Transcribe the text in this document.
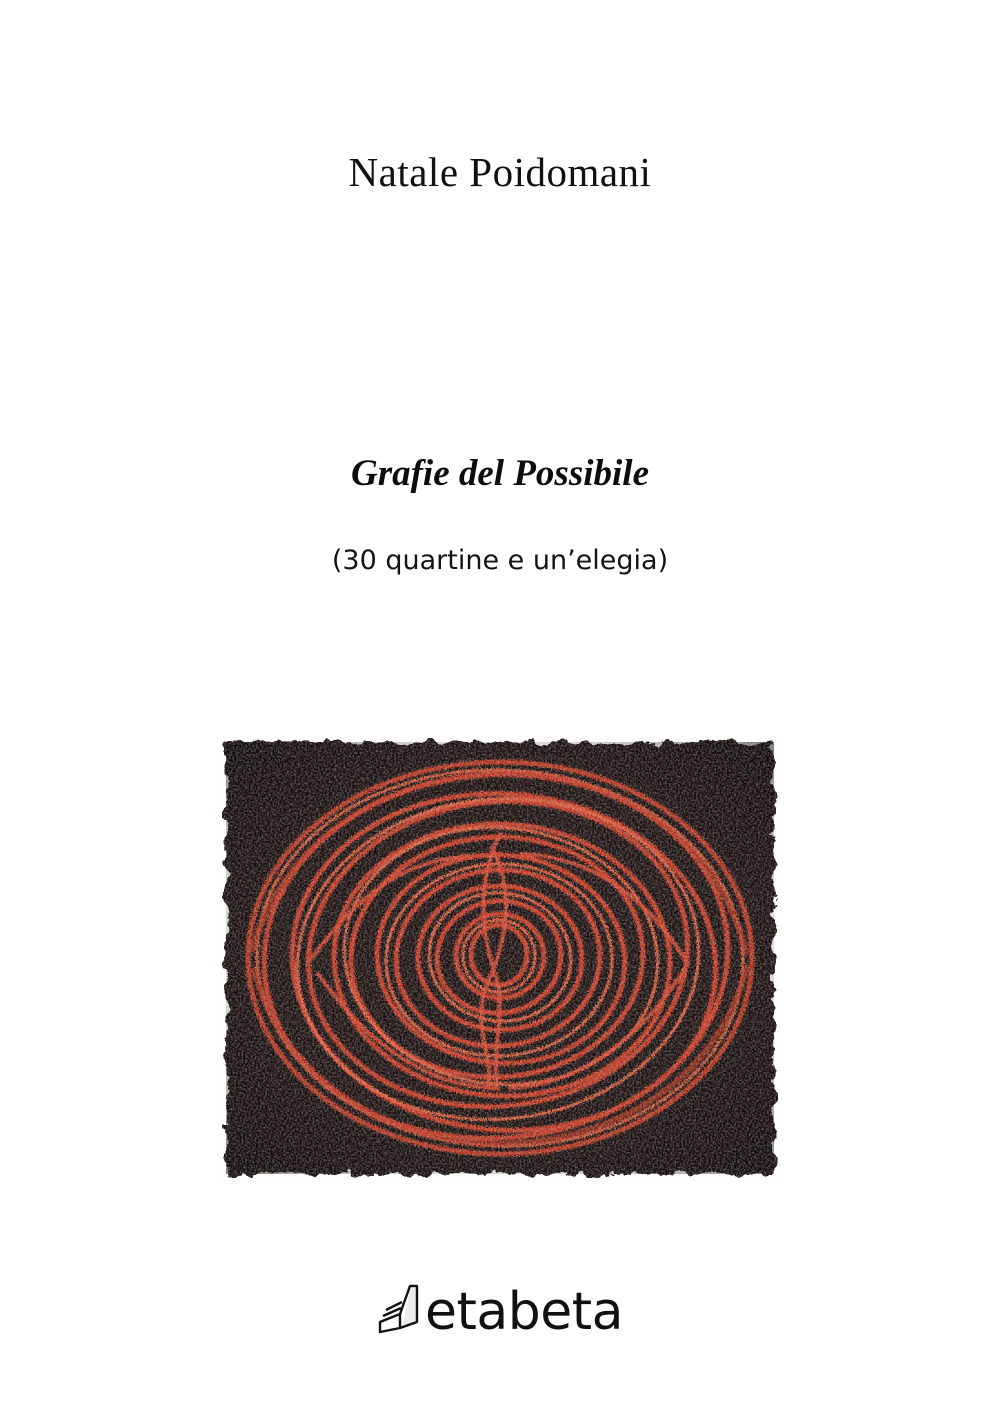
Natale Poidomani
Grafie del Possibile
(30 quartine e un’elegia)
etabeta
